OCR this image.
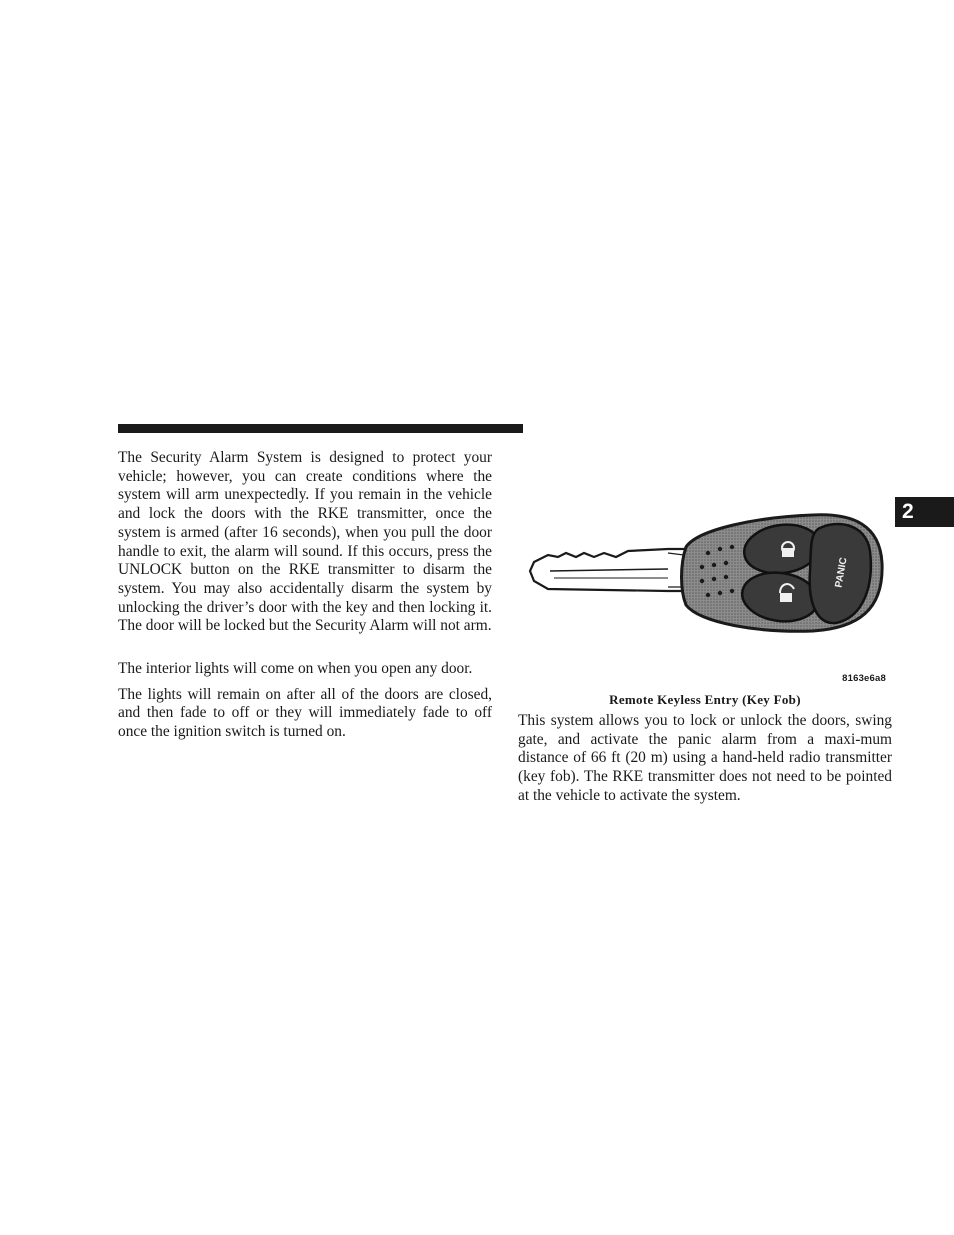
The Security Alarm System is designed to protect your vehicle; however, you can create conditions where the system will arm unexpectedly. If you remain in the vehicle and lock the doors with the RKE transmitter, once the system is armed (after 16 seconds), when you pull the door handle to exit, the alarm will sound. If this occurs, press the UNLOCK button on the RKE transmitter to disarm the system. You may also accidentally disarm the system by unlocking the driver’s door with the key and then locking it. The door will be locked but the Security Alarm will not arm.

The interior lights will come on when you open any door.

The lights will remain on after all of the doors are closed, and then fade to off or they will immediately fade to off once the ignition switch is turned on.

PANIC
8163e6a8
Remote Keyless Entry (Key Fob)

This system allows you to lock or unlock the doors, swing gate, and activate the panic alarm from a maxi-mum distance of 66 ft (20 m) using a hand-held radio transmitter (key fob). The RKE transmitter does not need to be pointed at the vehicle to activate the system.

2
